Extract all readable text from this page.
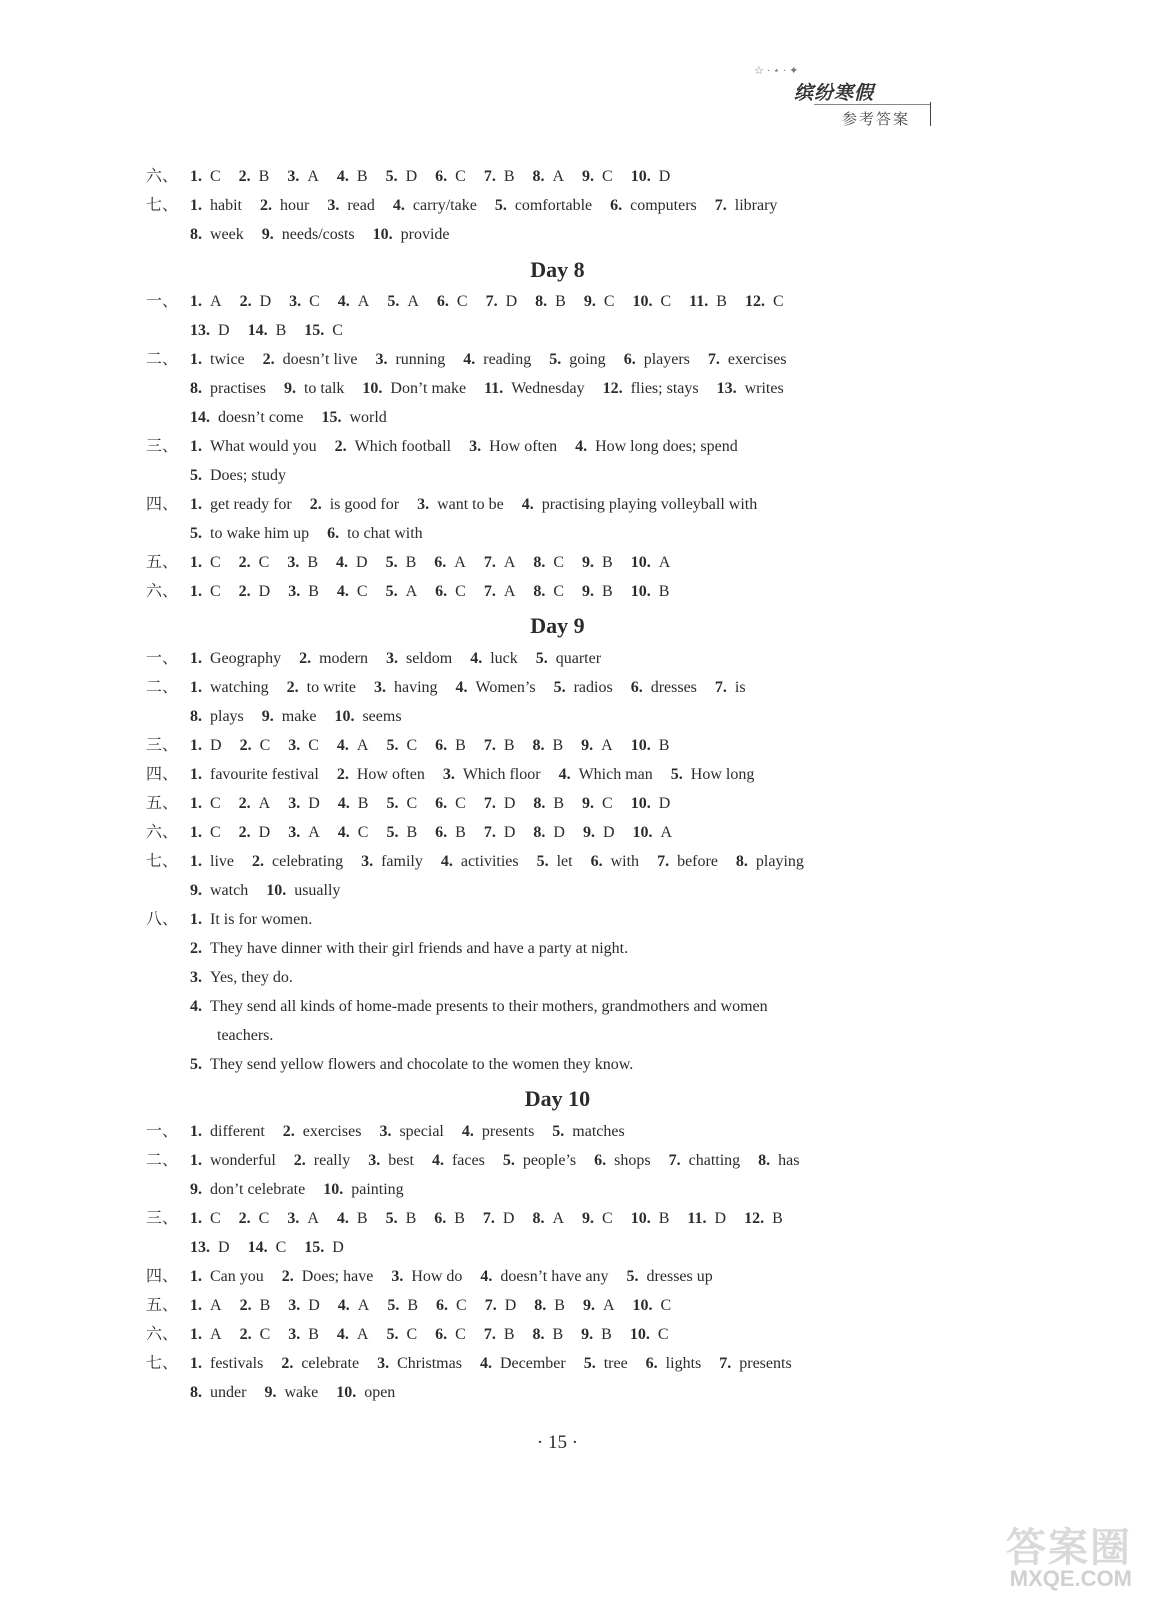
☆ · ⋆ · ✦
缤纷寒假
参考答案
六、 1. C 2. B 3. A 4. B 5. D 6. C 7. B 8. A 9. C 10. D
七、 1. habit 2. hour 3. read 4. carry/take 5. comfortable 6. computers 7. library
8. week 9. needs/costs 10. provide
Day 8
一、 1. A 2. D 3. C 4. A 5. A 6. C 7. D 8. B 9. C 10. C 11. B 12. C
13. D 14. B 15. C
二、 1. twice 2. doesn’t live 3. running 4. reading 5. going 6. players 7. exercises
8. practises 9. to talk 10. Don’t make 11. Wednesday 12. flies; stays 13. writes
14. doesn’t come 15. world
三、 1. What would you 2. Which football 3. How often 4. How long does; spend
5. Does; study
四、 1. get ready for 2. is good for 3. want to be 4. practising playing volleyball with
5. to wake him up 6. to chat with
五、 1. C 2. C 3. B 4. D 5. B 6. A 7. A 8. C 9. B 10. A
六、 1. C 2. D 3. B 4. C 5. A 6. C 7. A 8. C 9. B 10. B
Day 9
一、 1. Geography 2. modern 3. seldom 4. luck 5. quarter
二、 1. watching 2. to write 3. having 4. Women’s 5. radios 6. dresses 7. is
8. plays 9. make 10. seems
三、 1. D 2. C 3. C 4. A 5. C 6. B 7. B 8. B 9. A 10. B
四、 1. favourite festival 2. How often 3. Which floor 4. Which man 5. How long
五、 1. C 2. A 3. D 4. B 5. C 6. C 7. D 8. B 9. C 10. D
六、 1. C 2. D 3. A 4. C 5. B 6. B 7. D 8. D 9. D 10. A
七、 1. live 2. celebrating 3. family 4. activities 5. let 6. with 7. before 8. playing
9. watch 10. usually
八、 1. It is for women.
2. They have dinner with their girl friends and have a party at night.
3. Yes, they do.
4. They send all kinds of home-made presents to their mothers, grandmothers and women
teachers.
5. They send yellow flowers and chocolate to the women they know.
Day 10
一、 1. different 2. exercises 3. special 4. presents 5. matches
二、 1. wonderful 2. really 3. best 4. faces 5. people’s 6. shops 7. chatting 8. has
9. don’t celebrate 10. painting
三、 1. C 2. C 3. A 4. B 5. B 6. B 7. D 8. A 9. C 10. B 11. D 12. B
13. D 14. C 15. D
四、 1. Can you 2. Does; have 3. How do 4. doesn’t have any 5. dresses up
五、 1. A 2. B 3. D 4. A 5. B 6. C 7. D 8. B 9. A 10. C
六、 1. A 2. C 3. B 4. A 5. C 6. C 7. B 8. B 9. B 10. C
七、 1. festivals 2. celebrate 3. Christmas 4. December 5. tree 6. lights 7. presents
8. under 9. wake 10. open
· 15 ·
答案圈
MXQE.COM
